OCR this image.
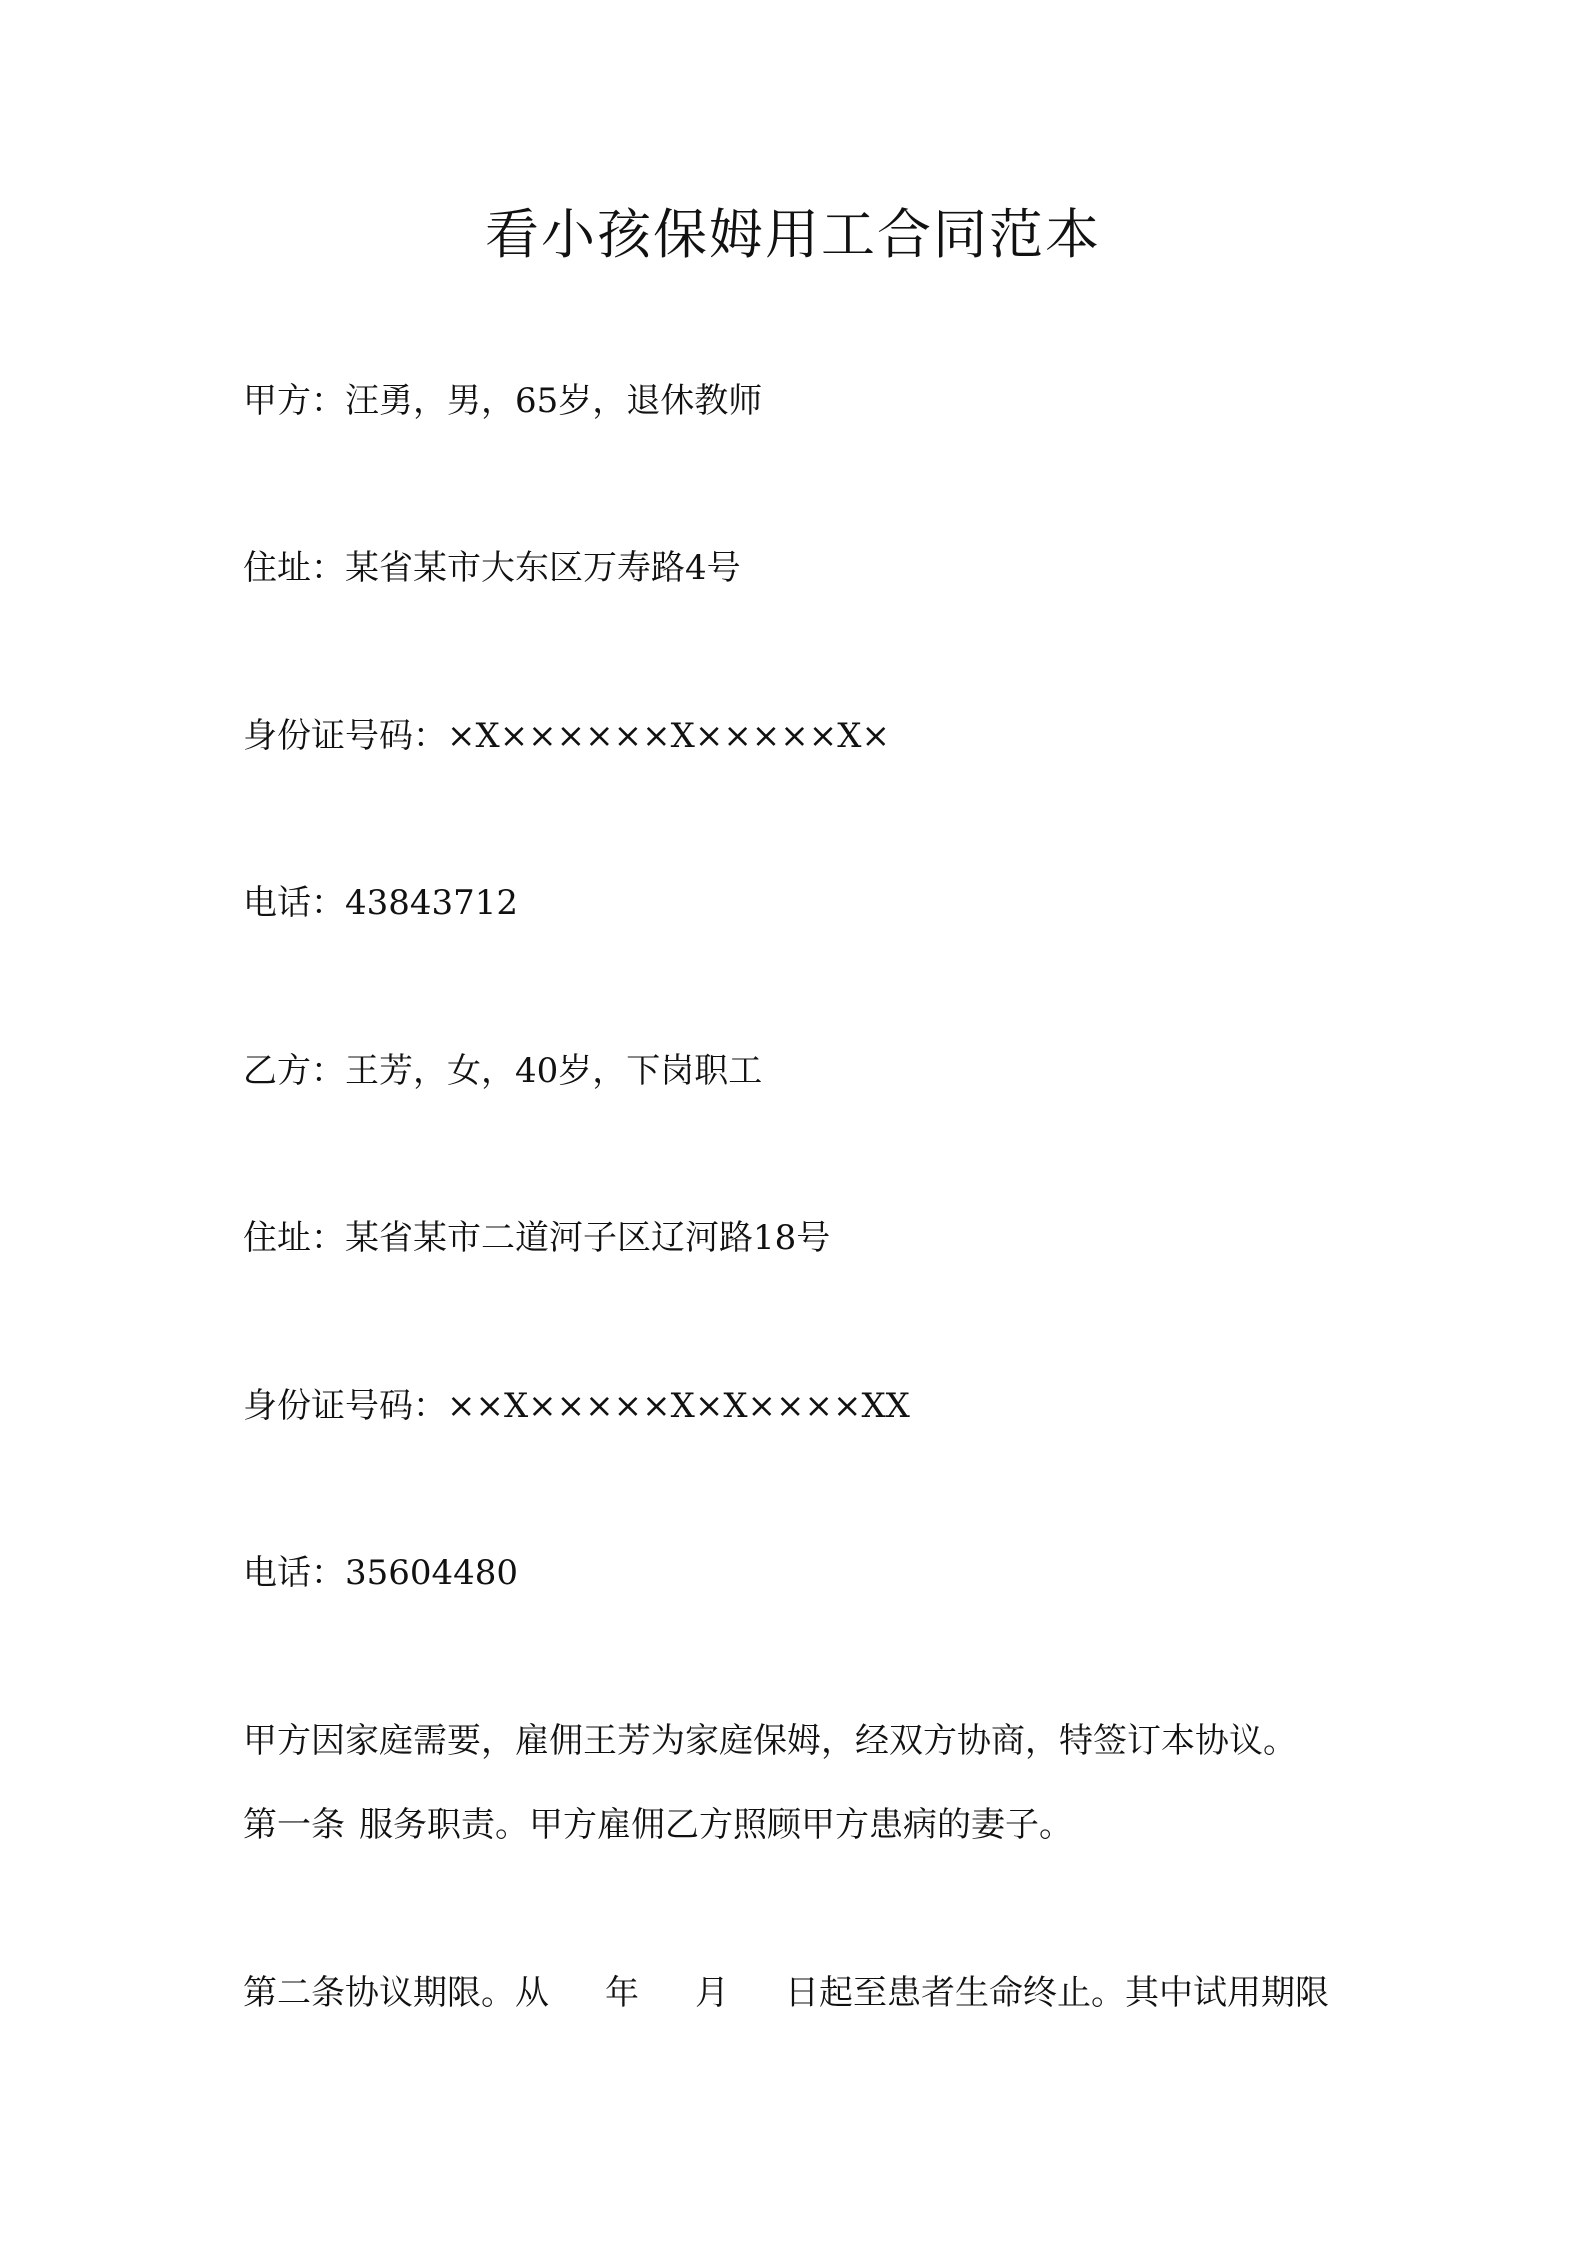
看小孩保姆用工合同范本

甲方：汪勇，男，65岁，退休教师

住址：某省某市大东区万寿路4号

身份证号码：×X××××××X×××××X×

电话：43843712

乙方：王芳，女，40岁，下岗职工

住址：某省某市二道河子区辽河路18号

身份证号码：××X×××××X×X××××XX

电话：35604480

甲方因家庭需要，雇佣王芳为家庭保姆，经双方协商，特签订本协议。

第一条 服务职责。甲方雇佣乙方照顾甲方患病的妻子。

第二条协议期限。从 年 月 日起至患者生命终止。其中试用期限
